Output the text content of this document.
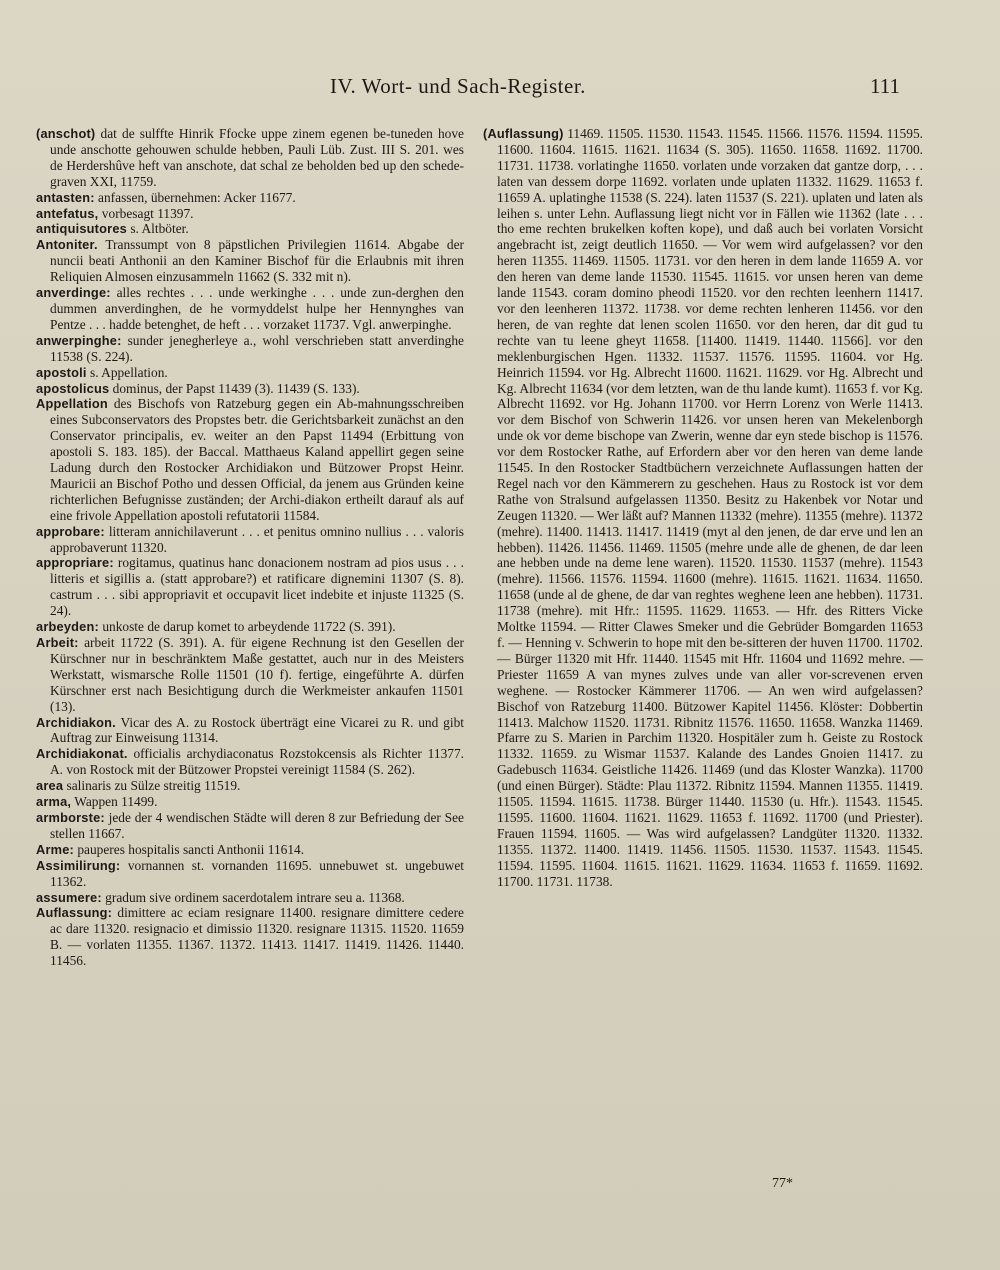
IV. Wort- und Sach-Register.	111
(anschot) dat de sulffte Hinrik Ffocke uppe zinem egenen be-tuneden hove unde anschotte gehouwen schulde hebben, Pauli Lüb. Zust. III S. 201. wes de Herdershûve heft van anschote, dat schal ze beholden bed up den schede-graven XXI, 11759.
antasten: anfassen, übernehmen: Acker 11677.
antefatus, vorbesagt 11397.
antiquisutores s. Altböter.
Antoniter. Transsumpt von 8 päpstlichen Privilegien 11614. Abgabe der nuncii beati Anthonii an den Kaminer Bischof für die Erlaubnis mit ihren Reliquien Almosen einzusammeln 11662 (S. 332 mit n).
anverdinge: alles rechtes . . . unde werkinghe . . . unde zun-derghen den dummen anverdinghen, de he vormyddelst hulpe her Hennynghes van Pentze . . . hadde betenghet, de heft . . . vorzaket 11737. Vgl. anwerpinghe.
anwerpinghe: sunder jenegherleye a., wohl verschrieben statt anverdinghe 11538 (S. 224).
apostoli s. Appellation.
apostolicus dominus, der Papst 11439 (3). 11439 (S. 133).
Appellation des Bischofs von Ratzeburg gegen ein Ab-mahnungsschreiben eines Subconservators des Propstes betr. die Gerichtsbarkeit zunächst an den Conservator principalis, ev. weiter an den Papst 11494 (Erbittung von apostoli S. 183. 185). der Baccal. Matthaeus Kaland appellirt gegen seine Ladung durch den Rostocker Archidiakon und Bützower Propst Heinr. Mauricii an Bischof Potho und dessen Official, da jenem aus Gründen keine richterlichen Befugnisse zuständen; der Archi-diakon ertheilt darauf als auf eine frivole Appellation apostoli refutatorii 11584.
approbare: litteram annichilaverunt . . . et penitus omnino nullius . . . valoris approbaverunt 11320.
appropriare: rogitamus, quatinus hanc donacionem nostram ad pios usus . . . litteris et sigillis a. (statt approbare?) et ratificare dignemini 11307 (S. 8). castrum . . . sibi appropriavit et occupavit licet indebite et injuste 11325 (S. 24).
arbeyden: unkoste de darup komet to arbeydende 11722 (S. 391).
Arbeit: arbeit 11722 (S. 391). A. für eigene Rechnung ist den Gesellen der Kürschner nur in beschränktem Maße gestattet, auch nur in des Meisters Werkstatt, wismarsche Rolle 11501 (10 f). fertige, eingeführte A. dürfen Kürschner erst nach Besichtigung durch die Werkmeister ankaufen 11501 (13).
Archidiakon. Vicar des A. zu Rostock überträgt eine Vicarei zu R. und gibt Auftrag zur Einweisung 11314.
Archidiakonat. officialis archydiaconatus Rozstokcensis als Richter 11377. A. von Rostock mit der Bützower Propstei vereinigt 11584 (S. 262).
area salinaris zu Sülze streitig 11519.
arma, Wappen 11499.
armborste: jede der 4 wendischen Städte will deren 8 zur Befriedung der See stellen 11667.
Arme: pauperes hospitalis sancti Anthonii 11614.
Assimilirung: vornannen st. vornanden 11695. unnebuwet st. ungebuwet 11362.
assumere: gradum sive ordinem sacerdotalem intrare seu a. 11368.
Auflassung: dimittere ac eciam resignare 11400. resignare dimittere cedere ac dare 11320. resignacio et dimissio 11320. resignare 11315. 11520. 11659 B. — vorlaten 11355. 11367. 11372. 11413. 11417. 11419. 11426. 11440. 11456.
(Auflassung) 11469. 11505. 11530. 11543. 11545. 11566. 11576. 11594. 11595. 11600. 11604. 11615. 11621. 11634 (S. 305). 11650. 11658. 11692. 11700. 11731. 11738. vorlatinghe 11650. vorlaten unde vorzaken dat gantze dorp, . . . laten van dessem dorpe 11692. vorlaten unde uplaten 11332. 11629. 11653 f. 11659 A. uplatinghe 11538 (S. 224). laten 11537 (S. 221). uplaten und laten als leihen s. unter Lehn. Auflassung liegt nicht vor in Fällen wie 11362 (late . . . tho eme rechten brukelken koften kope), und daß auch bei vorlaten Vorsicht angebracht ist, zeigt deutlich 11650. — Vor wem wird aufgelassen? vor den heren 11355. 11469. 11505. 11731. vor den heren in dem lande 11659 A. vor den heren van deme lande 11530. 11545. 11615. vor unsen heren van deme lande 11543. coram domino pheodi 11520. vor den rechten leenhern 11417. vor den leenheren 11372. 11738. vor deme rechten lenheren 11456. vor den heren, de van reghte dat lenen scolen 11650. vor den heren, dar dit gud tu rechte van tu leene gheyt 11658. [11400. 11419. 11440. 11566]. vor den meklenburgischen Hgen. 11332. 11537. 11576. 11595. 11604. vor Hg. Heinrich 11594. vor Hg. Albrecht 11600. 11621. 11629. vor Hg. Albrecht und Kg. Albrecht 11634 (vor dem letzten, wan de thu lande kumt). 11653 f. vor Kg. Albrecht 11692. vor Hg. Johann 11700. vor Herrn Lorenz von Werle 11413. vor dem Bischof von Schwerin 11426. vor unsen heren van Mekelenborgh unde ok vor deme bischope van Zwerin, wenne dar eyn stede bischop is 11576. vor dem Rostocker Rathe, auf Erfordern aber vor den heren van deme lande 11545. In den Rostocker Stadtbüchern verzeichnete Auflassungen hatten der Regel nach vor den Kämmerern zu geschehen. Haus zu Rostock ist vor dem Rathe von Stralsund aufgelassen 11350. Besitz zu Hakenbek vor Notar und Zeugen 11320. — Wer läßt auf? Mannen 11332 (mehre). 11355 (mehre). 11372 (mehre). 11400. 11413. 11417. 11419 (myt al den jenen, de dar erve und len an hebben). 11426. 11456. 11469. 11505 (mehre unde alle de ghenen, de dar leen ane hebben unde na deme lene waren). 11520. 11530. 11537 (mehre). 11543 (mehre). 11566. 11576. 11594. 11600 (mehre). 11615. 11621. 11634. 11650. 11658 (unde al de ghene, de dar van reghtes weghene leen ane hebben). 11731. 11738 (mehre). mit Hfr.: 11595. 11629. 11653. — Hfr. des Ritters Vicke Moltke 11594. — Ritter Clawes Smeker und die Gebrüder Bomgarden 11653 f. — Henning v. Schwerin to hope mit den be-sitteren der huven 11700. 11702. — Bürger 11320 mit Hfr. 11440. 11545 mit Hfr. 11604 und 11692 mehre. — Priester 11659 A van mynes zulves unde van aller vor-screvenen erven weghene. — Rostocker Kämmerer 11706. — An wen wird aufgelassen? Bischof von Ratzeburg 11400. Bützower Kapitel 11456. Klöster: Dobbertin 11413. Malchow 11520. 11731. Ribnitz 11576. 11650. 11658. Wanzka 11469. Pfarre zu S. Marien in Parchim 11320. Hospitäler zum h. Geiste zu Rostock 11332. 11659. zu Wismar 11537. Kalande des Landes Gnoien 11417. zu Gadebusch 11634. Geistliche 11426. 11469 (und das Kloster Wanzka). 11700 (und einen Bürger). Städte: Plau 11372. Ribnitz 11594. Mannen 11355. 11419. 11505. 11594. 11615. 11738. Bürger 11440. 11530 (u. Hfr.). 11543. 11545. 11595. 11600. 11604. 11621. 11629. 11653 f. 11692. 11700 (und Priester). Frauen 11594. 11605. — Was wird aufgelassen? Landgüter 11320. 11332. 11355. 11372. 11400. 11419. 11456. 11505. 11530. 11537. 11543. 11545. 11594. 11595. 11604. 11615. 11621. 11629. 11634. 11653 f. 11659. 11692. 11700. 11731. 11738.
77*
